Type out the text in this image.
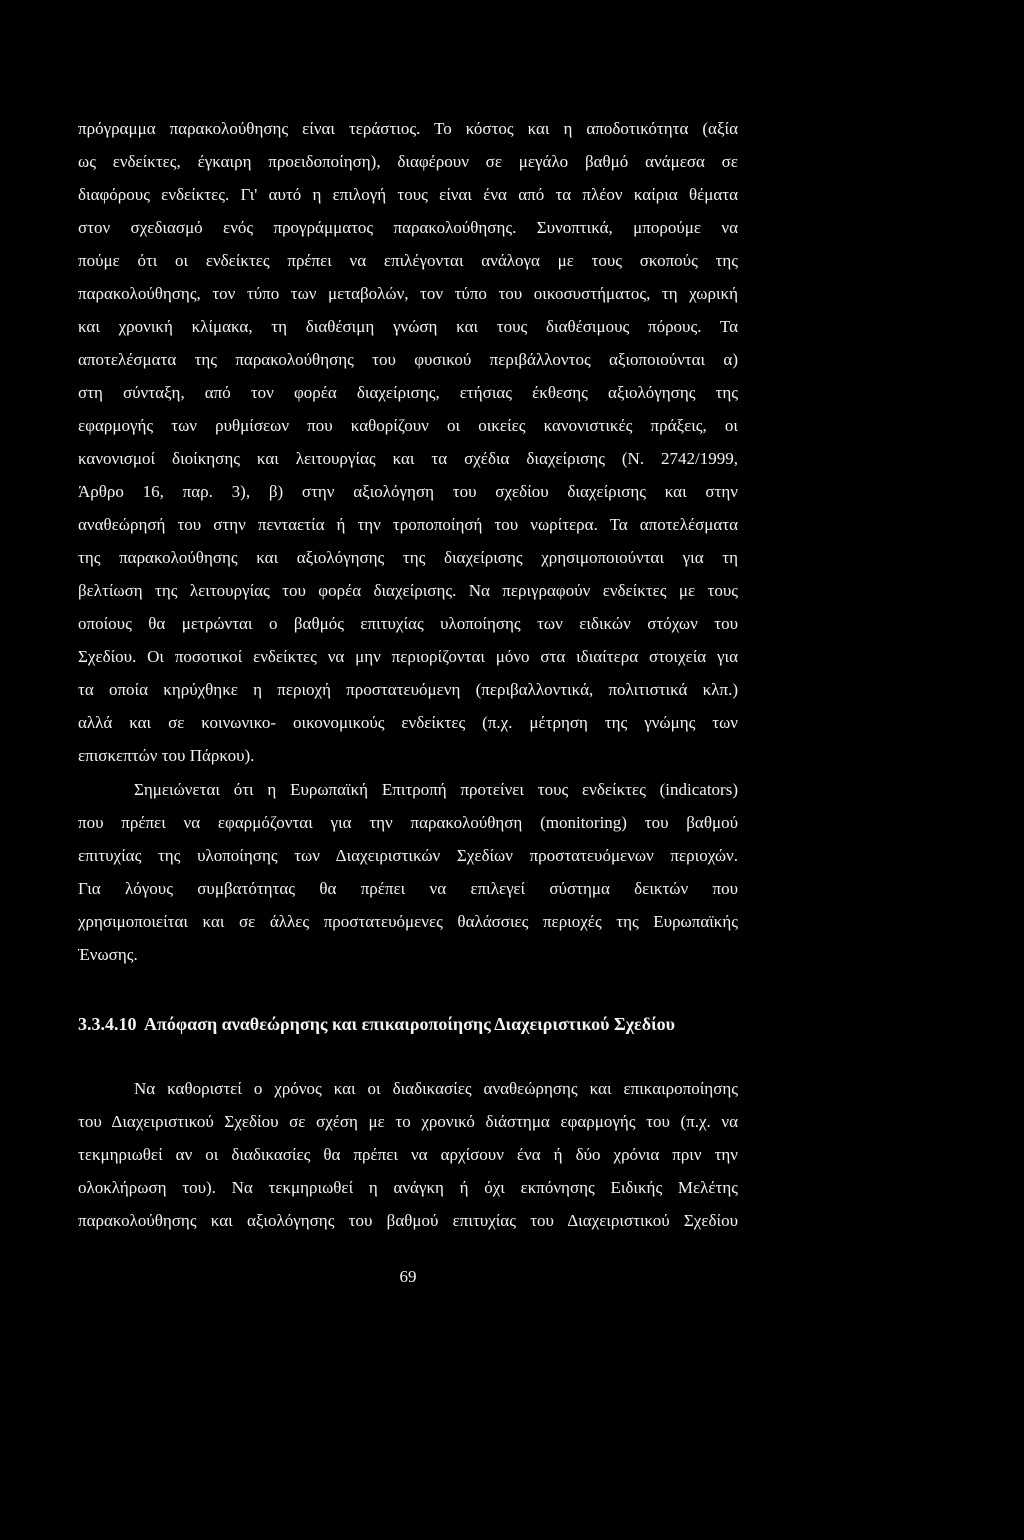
πρόγραμμα παρακολούθησης είναι τεράστιος. Το κόστος και η αποδοτικότητα (αξία
ως ενδείκτες, έγκαιρη προειδοποίηση), διαφέρουν σε μεγάλο βαθμό ανάμεσα σε
διαφόρους ενδείκτες. Γι' αυτό η επιλογή τους είναι ένα από τα πλέον καίρια θέματα
στον σχεδιασμό ενός προγράμματος παρακολούθησης. Συνοπτικά, μπορούμε να
πούμε ότι οι ενδείκτες πρέπει να επιλέγονται ανάλογα με τους σκοπούς της
παρακολούθησης, τον τύπο των μεταβολών, τον τύπο του οικοσυστήματος, τη χωρική
και χρονική κλίμακα, τη διαθέσιμη γνώση και τους διαθέσιμους πόρους. Τα
αποτελέσματα της παρακολούθησης του φυσικού περιβάλλοντος αξιοποιούνται α)
στη σύνταξη, από τον φορέα διαχείρισης, ετήσιας έκθεσης αξιολόγησης της
εφαρμογής των ρυθμίσεων που καθορίζουν οι οικείες κανονιστικές πράξεις, οι
κανονισμοί διοίκησης και λειτουργίας και τα σχέδια διαχείρισης (Ν. 2742/1999,
Άρθρο 16, παρ. 3), β) στην αξιολόγηση του σχεδίου διαχείρισης και στην
αναθεώρησή του στην πενταετία ή την τροποποίησή του νωρίτερα. Τα αποτελέσματα
της παρακολούθησης και αξιολόγησης της διαχείρισης χρησιμοποιούνται για τη
βελτίωση της λειτουργίας του φορέα διαχείρισης. Να περιγραφούν ενδείκτες με τους
οποίους θα μετρώνται ο βαθμός επιτυχίας υλοποίησης των ειδικών στόχων του
Σχεδίου. Οι ποσοτικοί ενδείκτες να μην περιορίζονται μόνο στα ιδιαίτερα στοιχεία για
τα οποία κηρύχθηκε η περιοχή προστατευόμενη (περιβαλλοντικά, πολιτιστικά κλπ.)
αλλά και σε κοινωνικο- οικονομικούς ενδείκτες (π.χ. μέτρηση της γνώμης των
επισκεπτών του Πάρκου).
Σημειώνεται ότι η Ευρωπαϊκή Επιτροπή προτείνει τους ενδείκτες (indicators)
που πρέπει να εφαρμόζονται για την παρακολούθηση (monitoring) του βαθμού
επιτυχίας της υλοποίησης των Διαχειριστικών Σχεδίων προστατευόμενων περιοχών.
Για λόγους συμβατότητας θα πρέπει να επιλεγεί σύστημα δεικτών που
χρησιμοποιείται και σε άλλες προστατευόμενες θαλάσσιες περιοχές της Ευρωπαϊκής
Ένωσης.
3.3.4.10 Απόφαση αναθεώρησης και επικαιροποίησης Διαχειριστικού Σχεδίου
Να καθοριστεί ο χρόνος και οι διαδικασίες αναθεώρησης και επικαιροποίησης
του Διαχειριστικού Σχεδίου σε σχέση με το χρονικό διάστημα εφαρμογής του (π.χ. να
τεκμηριωθεί αν οι διαδικασίες θα πρέπει να αρχίσουν ένα ή δύο χρόνια πριν την
ολοκλήρωση του). Να τεκμηριωθεί η ανάγκη ή όχι εκπόνησης Ειδικής Μελέτης
παρακολούθησης και αξιολόγησης του βαθμού επιτυχίας του Διαχειριστικού Σχεδίου
69
